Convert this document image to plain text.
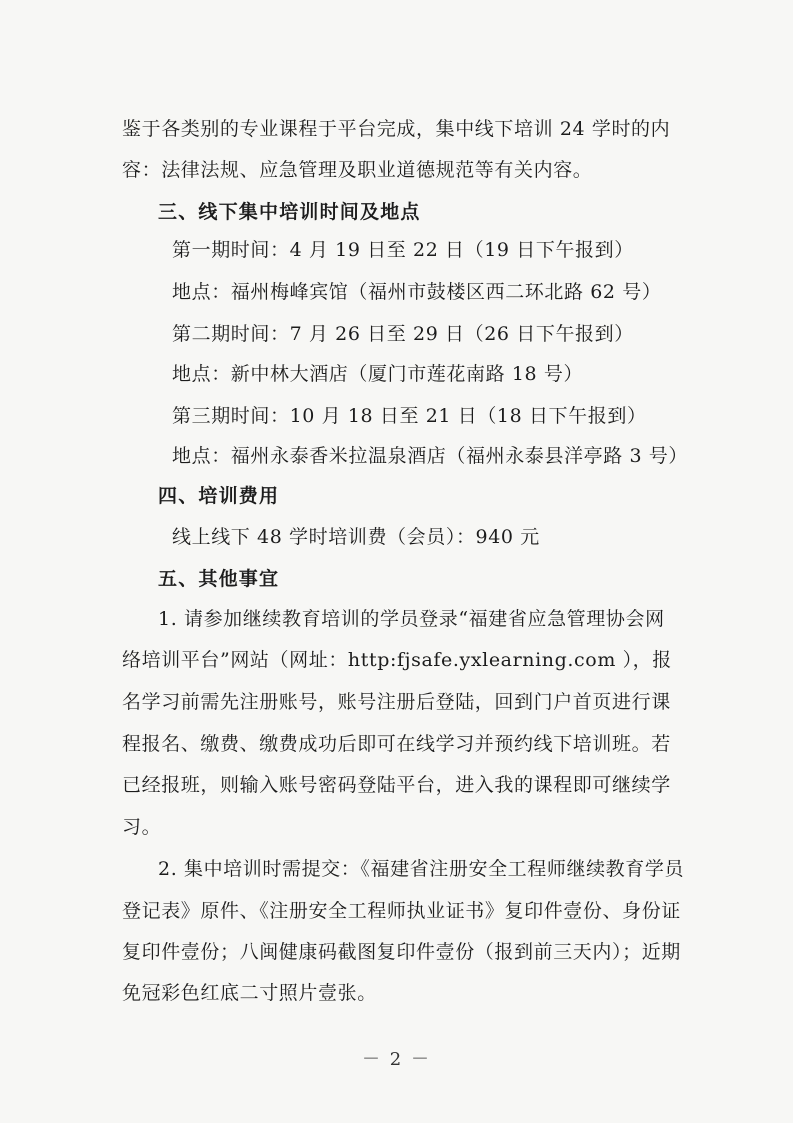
鉴于各类别的专业课程于平台完成，集中线下培训 24 学时的内
容：法律法规、应急管理及职业道德规范等有关内容。
三、线下集中培训时间及地点
第一期时间：4 月 19 日至 22 日（19 日下午报到）
地点：福州梅峰宾馆（福州市鼓楼区西二环北路 62 号）
第二期时间：7 月 26 日至 29 日（26 日下午报到）
地点：新中林大酒店（厦门市莲花南路 18 号）
第三期时间：10 月 18 日至 21 日（18 日下午报到）
地点：福州永泰香米拉温泉酒店（福州永泰县洋亭路 3 号）
四、培训费用
线上线下 48 学时培训费（会员）：940 元
五、其他事宜
1. 请参加继续教育培训的学员登录“福建省应急管理协会网
络培训平台”网站（网址：http:fjsafe.yxlearning.com ），报
名学习前需先注册账号，账号注册后登陆，回到门户首页进行课
程报名、缴费、缴费成功后即可在线学习并预约线下培训班。若
已经报班，则输入账号密码登陆平台，进入我的课程即可继续学
习。
2. 集中培训时需提交：《福建省注册安全工程师继续教育学员
登记表》原件、《注册安全工程师执业证书》复印件壹份、身份证
复印件壹份；八闽健康码截图复印件壹份（报到前三天内）；近期
免冠彩色红底二寸照片壹张。
－ 2 －
